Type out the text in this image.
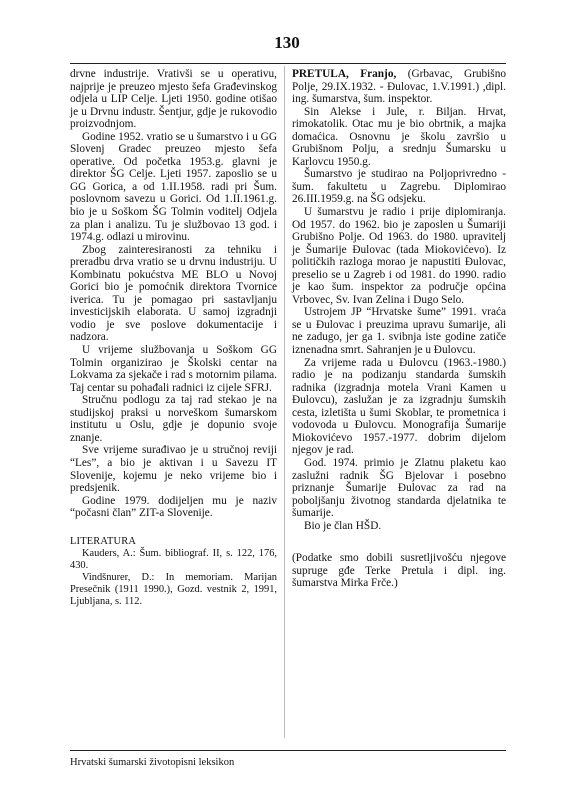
130

drvne industrije. Vrativši se u operativu, najprije je preuzeo mjesto šefa Građevinskog odjela u LIP Celje. Ljeti 1950. godine otišao je u Drvnu industr. Šentjur, gdje je rukovodio proizvodnjom.

Godine 1952. vratio se u šumarstvo i u GG Slovenj Gradec preuzeo mjesto šefa operative. Od početka 1953.g. glavni je direktor ŠG Celje. Ljeti 1957. zaposlio se u GG Gorica, a od 1.II.1958. radi pri Šum. poslovnom savezu u Gorici. Od 1.II.1961.g. bio je u Soškom ŠG Tolmin voditelj Odjela za plan i analizu. Tu je službovao 13 god. i 1974.g. odlazi u mirovinu.

Zbog zainteresiranosti za tehniku i preradbu drva vratio se u drvnu industriju. U Kombinatu pokućstva ME BLO u Novoj Gorici bio je pomoćnik direktora Tvornice iverica. Tu je pomagao pri sastavljanju investicijskih elaborata. U samoj izgradnji vodio je sve poslove dokumentacije i nadzora.

U vrijeme službovanja u Soškom GG Tolmin organizirao je Školski centar na Lokvama za sjekače i rad s motornim pilama. Taj centar su pohađali radnici iz cijele SFRJ.

Stručnu podlogu za taj rad stekao je na studijskoj praksi u norveškom šumarskom institutu u Oslu, gdje je dopunio svoje znanje.

Sve vrijeme surađivao je u stručnoj reviji “Les”, a bio je aktivan i u Savezu IT Slovenije, kojemu je neko vrijeme bio i predsjenik.

Godine 1979. dodijeljen mu je naziv “počasni član” ZIT-a Slovenije.

LITERATURA

Kauders, A.: Šum. bibliograf. II, s. 122, 176, 430.

Vindšnurer, D.: In memoriam. Marijan Presečnik (1911 1990.), Gozd. vestnik 2, 1991, Ljubljana, s. 112.

PRETULA, Franjo, (Grbavac, Grubišno Polje, 29.IX.1932. - Đulovac, 1.V.1991.) ,dipl. ing. šumarstva, šum. inspektor.

Sin Alekse i Jule, r. Biljan. Hrvat, rimokatolik. Otac mu je bio obrtnik, a majka domaćica. Osnovnu je školu završio u Grubišnom Polju, a srednju Šumarsku u Karlovcu 1950.g.

Šumarstvo je studirao na Poljoprivredno - šum. fakultetu u Zagrebu. Diplomirao 26.III.1959.g. na ŠG odsjeku.

U šumarstvu je radio i prije diplomiranja. Od 1957. do 1962. bio je zaposlen u Šumariji Grubišno Polje. Od 1963. do 1980. upravitelj je Šumarije Đulovac (tada Miokovićevo). Iz političkih razloga morao je napustiti Đulovac, preselio se u Zagreb i od 1981. do 1990. radio je kao šum. inspektor za područje općina Vrbovec, Sv. Ivan Zelina i Dugo Selo.

Ustrojem JP “Hrvatske šume” 1991. vraća se u Đulovac i preuzima upravu šumarije, ali ne zadugo, jer ga 1. svibnja iste godine zatiče iznenadna smrt. Sahranjen je u Đulovcu.

Za vrijeme rada u Đulovcu (1963.-1980.) radio je na podizanju standarda šumskih radnika (izgradnja motela Vrani Kamen u Đulovcu), zaslužan je za izgradnju šumskih cesta, izletišta u šumi Skoblar, te prometnica i vodovoda u Đulovcu. Monografija Šumarije Miokovićevo 1957.-1977. dobrim dijelom njegov je rad.

God. 1974. primio je Zlatnu plaketu kao zaslužni radnik ŠG Bjelovar i posebno priznanje Šumarije Đulovac za rad na poboljšanju životnog standarda djelatnika te šumarije.

Bio je član HŠD.

(Podatke smo dobili susretljivošću njegove supruge gđe Terke Pretula i dipl. ing. šumarstva Mirka Frče.)

Hrvatski šumarski životopisni leksikon
